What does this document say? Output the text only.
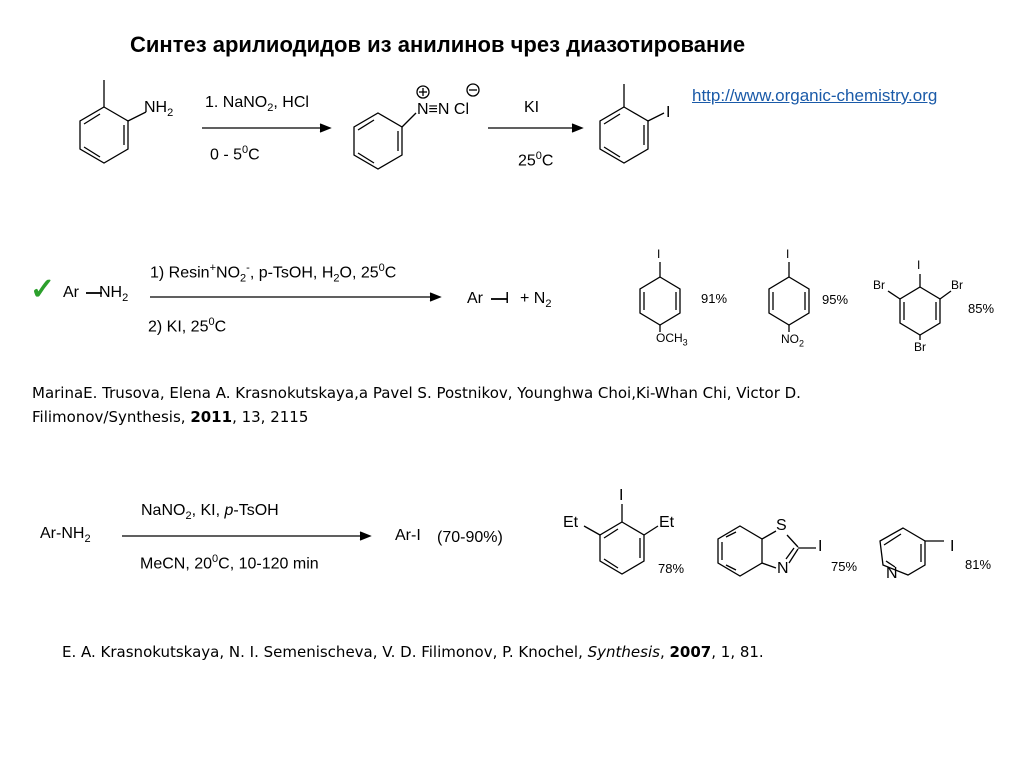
Синтез арилиодидов из анилинов чрез диазотирование
http://www.organic-chemistry.org
$NH_2$
1. NaNO$_2$, HCl
$0 - 5^0C$
N≡N Cl	KI
$25^0C$
I
✓ Ar $NH_2$
1) $Resin^+NO_2^-$, p-TsOH, $H_2O$, $25^0C$
2) KI, $25^0C$
Ar $I + N_2$
I
$OCH_3$
91%
I
$NO_2$
95%
I
Br	Br
Br
85%
MarinaE. Trusova, Elena A. Krasnokutskaya,a Pavel S. Postnikov, Younghwa Choi,Ki-Whan Chi, Victor D.
Filimonov/Synthesis, 2011, 13, 2115
$Ar-NH_2$
NaNO$_2$, KI, p-TsOH
MeCN, $20^0C$, 10-120 min
Ar-I (70-90%)
I
Et	Et
78%
S
N
I
75% N
I
81%
E. A. Krasnokutskaya, N. I. Semenischeva, V. D. Filimonov, P. Knochel, Synthesis, 2007, 1, 81.
